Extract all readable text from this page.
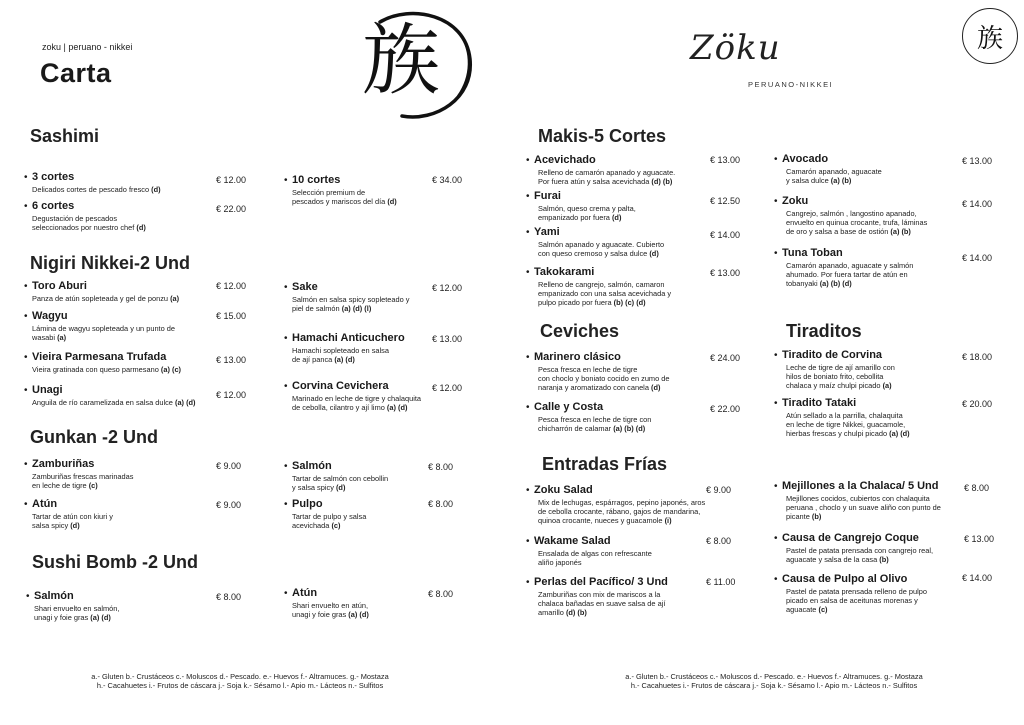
zoku | peruano - nikkei
Carta	族	Zöku
PERUANO-NIKKEI
族
Sashimi
• 3 cortes
Delicados cortes de pescado fresco (d)
€ 12.00
• 6 cortes
Degustación de pescados
seleccionados por nuestro chef (d)
€ 22.00
• 10 cortes
Selección premium de
pescados y mariscos del día (d)
€ 34.00
Nigiri Nikkei-2 Und
• Toro Aburi
Panza de atún sopleteada y gel de ponzu (a)
€ 12.00
• Wagyu
Lámina de wagyu sopleteada y un punto de
wasabi (a)
€ 15.00
• Vieira Parmesana Trufada
Vieira gratinada con queso parmesano (a) (c)
€ 13.00
• Unagi
Anguila de río caramelizada en salsa dulce (a) (d)
€ 12.00
• Sake
Salmón en salsa spicy sopleteado y
piel de salmón (a) (d) (l)
€ 12.00
• Hamachi Anticuchero
Hamachi sopleteado en salsa
de ají panca (a) (d)
€ 13.00
• Corvina Cevichera
Marinado en leche de tigre y chalaquita
de cebolla, cilantro y ají limo (a) (d)
€ 12.00
Gunkan -2 Und
• Zamburiñas
Zamburiñas frescas marinadas
en leche de tigre (c)
€ 9.00
• Atún
Tartar de atún con kiuri y
salsa spicy (d)
€ 9.00
• Salmón
Tartar de salmón con cebollin
y salsa spicy (d)
€ 8.00
• Pulpo
Tartar de pulpo y salsa
acevichada (c)
€ 8.00
Sushi Bomb -2 Und
• Salmón
Shari envuelto en salmón,
unagi y foie gras (a) (d)
€ 8.00	• Atún
Shari envuelto en atún,
unagi y foie gras (a) (d)
€ 8.00
a.- Gluten b.- Crustáceos c.- Moluscos d.- Pescado. e.- Huevos f.- Altramuces. g.- Mostaza
h.- Cacahuetes i.- Frutos de cáscara j.- Soja k.- Sésamo l.- Apio m.- Lácteos n.- Sulfitos
Makis-5 Cortes
• Acevichado
Relleno de camarón apanado y aguacate.
Por fuera atún y salsa acevichada (d) (b)
€ 13.00
• Furai
Salmón, queso crema y palta,
empanizado por fuera (d)
€ 12.50
• Yami
Salmón apanado y aguacate. Cubierto
con queso cremoso y salsa dulce (d)
€ 14.00
• Takokarami
Relleno de cangrejo, salmón, camaron
empanizado con una salsa acevichada y
pulpo picado por fuera (b) (c) (d)
€ 13.00
• Avocado
Camarón apanado, aguacate
y salsa dulce (a) (b)
€ 13.00
• Zoku
Cangrejo, salmón , langostino apanado,
envuelto en quinua crocante, trufa, láminas
de oro y salsa a base de ostión (a) (b)
€ 14.00
• Tuna Toban
Camarón apanado, aguacate y salmón
ahumado. Por fuera tartar de atún en
tobanyaki (a) (b) (d)
€ 14.00
Ceviches
• Marinero clásico
Pesca fresca en leche de tigre
con choclo y boniato cocido en zumo de
naranja y aromatizado con canela (d)
€ 24.00
• Calle y Costa
Pesca fresca en leche de tigre con
chicharrón de calamar (a) (b) (d)
€ 22.00
Tiraditos
• Tiradito de Corvina
Leche de tigre de ají amarillo con
hilos de boniato frito, cebollita
chalaca y maíz chulpi picado (a)
€ 18.00
• Tiradito Tataki
Atún sellado a la parrilla, chalaquita
en leche de tigre Nikkei, guacamole,
hierbas frescas y chulpi picado (a) (d)
€ 20.00
Entradas Frías
• Zoku Salad
Mix de lechugas, espárragos, pepino japonés, aros
de cebolla crocante, rábano, gajos de mandarina,
quinoa crocante, nueces y guacamole (i)
€ 9.00
• Wakame Salad
Ensalada de algas con refrescante
aliño japonés
€ 8.00
• Perlas del Pacífico/ 3 Und
Zamburiñas con mix de mariscos a la
chalaca bañadas en suave salsa de ají
amarillo (d) (b)
€ 11.00
• Mejillones a la Chalaca/ 5 Und
Mejillones cocidos, cubiertos con chalaquita
peruana , choclo y un suave aliño con punto de
picante (b)
€ 8.00
• Causa de Cangrejo Coque
Pastel de patata prensada con cangrejo real,
aguacate y salsa de la casa (b)
€ 13.00
• Causa de Pulpo al Olivo
Pastel de patata prensada relleno de pulpo
picado en salsa de aceitunas morenas y
aguacate (c)
€ 14.00
a.- Gluten b.- Crustáceos c.- Moluscos d.- Pescado. e.- Huevos f.- Altramuces. g.- Mostaza
h.- Cacahuetes i.- Frutos de cáscara j.- Soja k.- Sésamo l.- Apio m.- Lácteos n.- Sulfitos
